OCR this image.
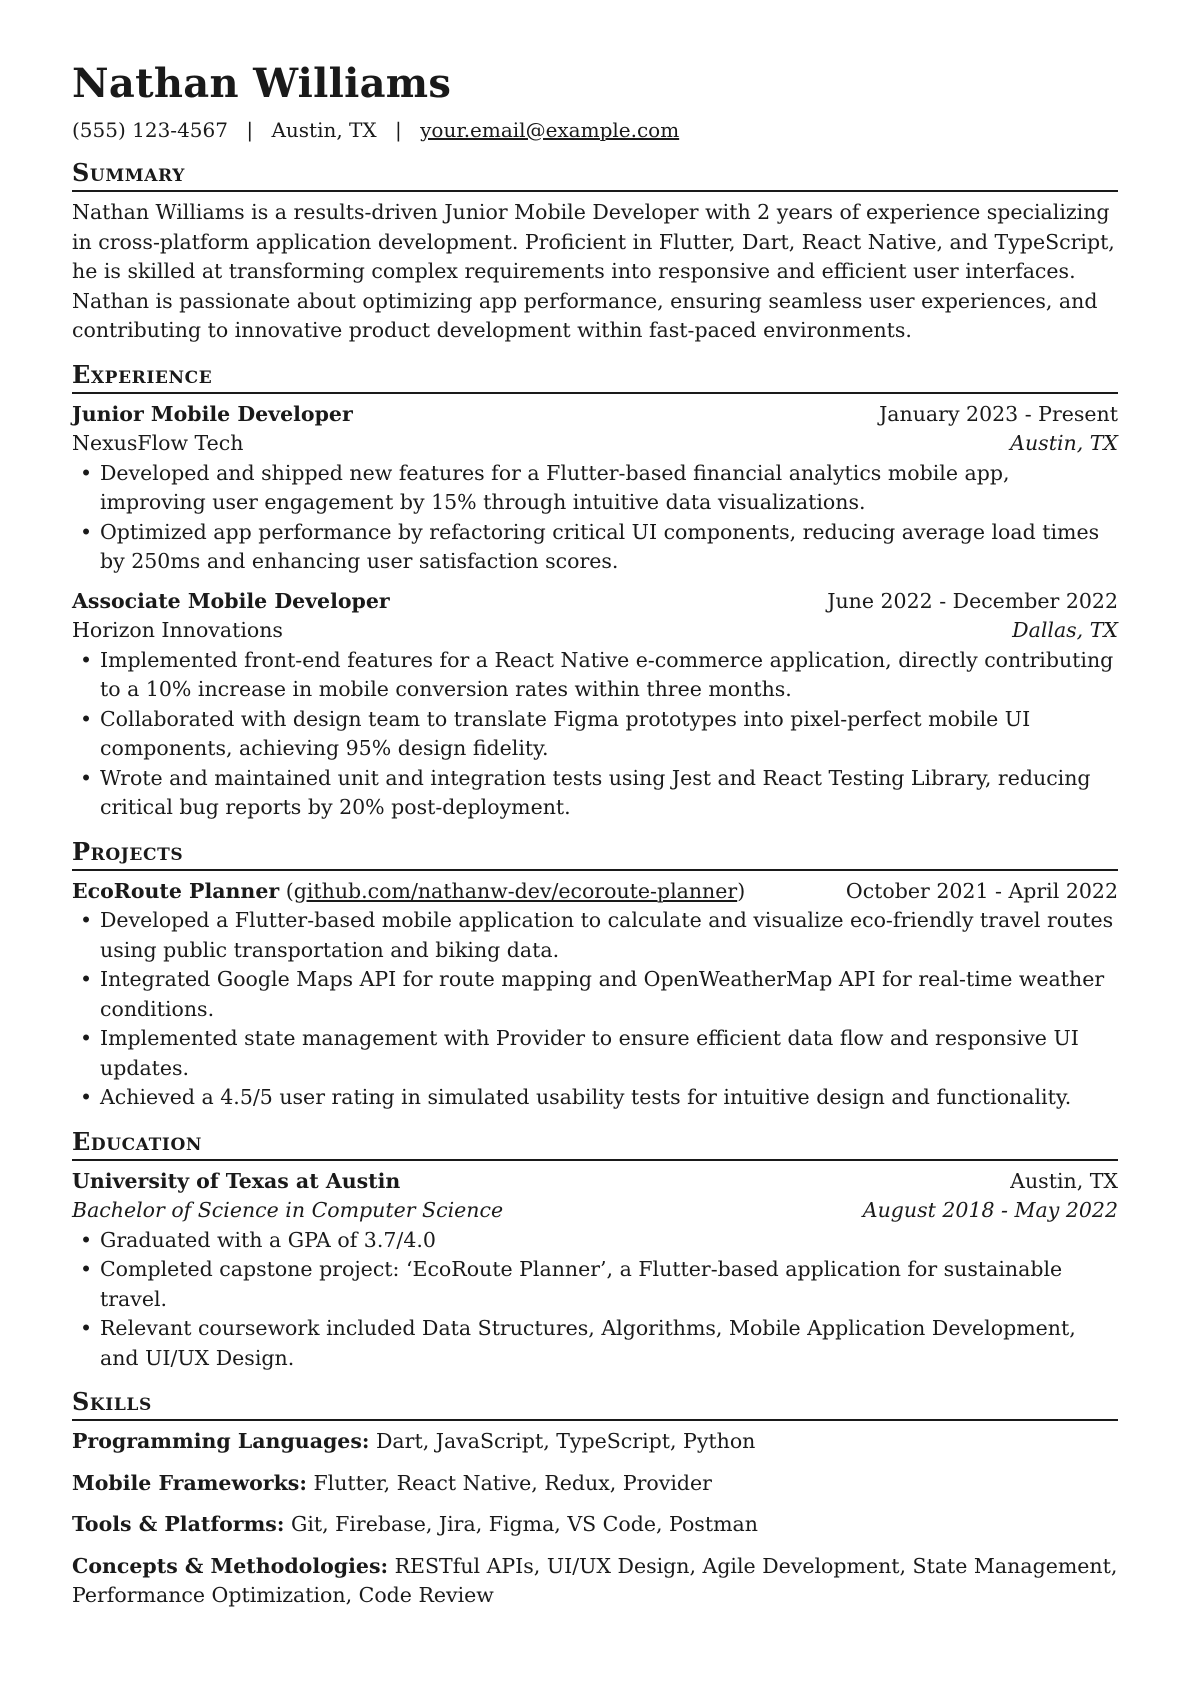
Nathan Williams
(555) 123-4567 | Austin, TX | your.email@example.com
Summary

Nathan Williams is a results-driven Junior Mobile Developer with 2 years of experience specializing in cross-platform application development. Proficient in Flutter, Dart, React Native, and TypeScript, he is skilled at transforming complex requirements into responsive and efficient user interfaces. Nathan is passionate about optimizing app performance, ensuring seamless user experiences, and contributing to innovative product development within fast-paced environments.

Experience
Junior Mobile Developer	January 2023 - Present
NexusFlow Tech	Austin, TX
• Developed and shipped new features for a Flutter-based financial analytics mobile app, improving user engagement by 15% through intuitive data visualizations.
• Optimized app performance by refactoring critical UI components, reducing average load times by 250ms and enhancing user satisfaction scores.
Associate Mobile Developer	June 2022 - December 2022
Horizon Innovations	Dallas, TX
• Implemented front-end features for a React Native e-commerce application, directly contributing to a 10% increase in mobile conversion rates within three months.
• Collaborated with design team to translate Figma prototypes into pixel-perfect mobile UI components, achieving 95% design fidelity.
• Wrote and maintained unit and integration tests using Jest and React Testing Library, reducing critical bug reports by 20% post-deployment.
Projects
EcoRoute Planner (github.com/nathanw-dev/ecoroute-planner)	October 2021 - April 2022
• Developed a Flutter-based mobile application to calculate and visualize eco-friendly travel routes using public transportation and biking data.
• Integrated Google Maps API for route mapping and OpenWeatherMap API for real-time weather conditions.
• Implemented state management with Provider to ensure efficient data flow and responsive UI updates.
• Achieved a 4.5/5 user rating in simulated usability tests for intuitive design and functionality.
Education
University of Texas at Austin	Austin, TX
Bachelor of Science in Computer Science	August 2018 - May 2022
• Graduated with a GPA of 3.7/4.0
• Completed capstone project: ‘EcoRoute Planner’, a Flutter-based application for sustainable travel.
• Relevant coursework included Data Structures, Algorithms, Mobile Application Development, and UI/UX Design.
Skills
Programming Languages: Dart, JavaScript, TypeScript, Python
Mobile Frameworks: Flutter, React Native, Redux, Provider
Tools & Platforms: Git, Firebase, Jira, Figma, VS Code, Postman
Concepts & Methodologies: RESTful APIs, UI/UX Design, Agile Development, State Management, Performance Optimization, Code Review
